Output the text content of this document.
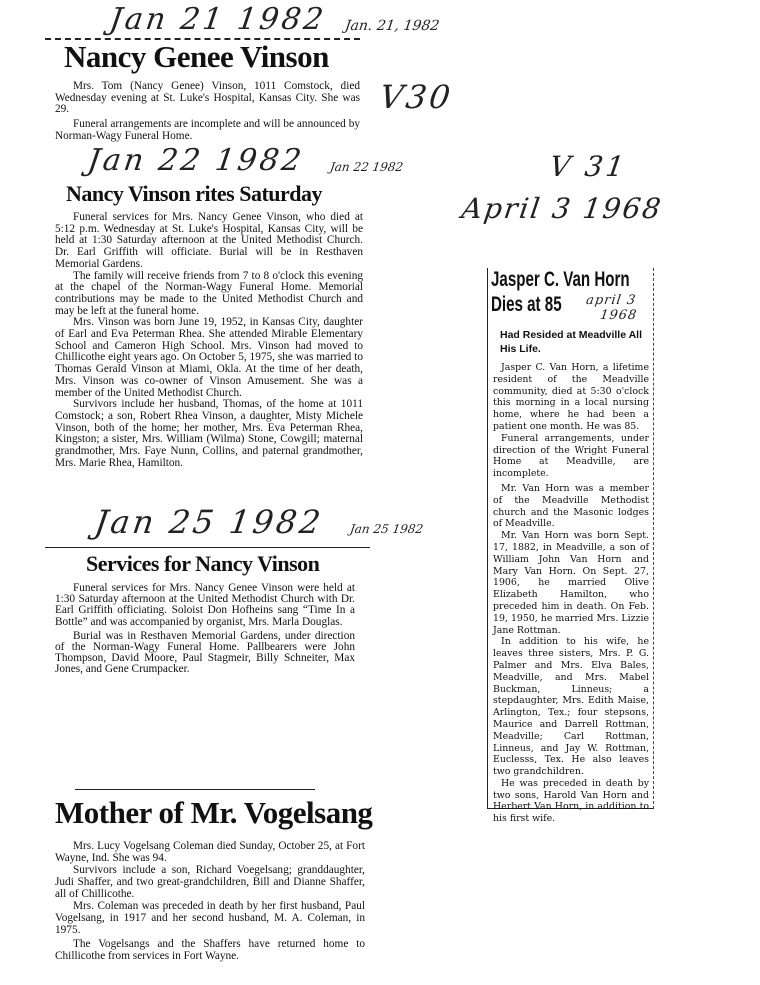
Jan 21 1982 Jan. 21, 1982
Nancy Genee Vinson

Mrs. Tom (Nancy Genee) Vinson, 1011 Comstock, died Wednesday evening at St. Luke's Hospital, Kansas City. She was 29.

Funeral arrangements are incomplete and will be announced by Norman-Wagy Funeral Home.

V30
Jan 22 1982 Jan 22 1982
Nancy Vinson rites Saturday

Funeral services for Mrs. Nancy Genee Vinson, who died at 5:12 p.m. Wednesday at St. Luke's Hospital, Kansas City, will be held at 1:30 Saturday afternoon at the United Methodist Church. Dr. Earl Griffith will officiate. Burial will be in Resthaven Memorial Gardens.

The family will receive friends from 7 to 8 o'clock this evening at the chapel of the Norman-Wagy Funeral Home. Memorial contributions may be made to the United Methodist Church and may be left at the funeral home.

Mrs. Vinson was born June 19, 1952, in Kansas City, daughter of Earl and Eva Peterman Rhea. She attended Mirable Elementary School and Cameron High School. Mrs. Vinson had moved to Chillicothe eight years ago. On October 5, 1975, she was married to Thomas Gerald Vinson at Miami, Okla. At the time of her death, Mrs. Vinson was co-owner of Vinson Amusement. She was a member of the United Methodist Church.

Survivors include her husband, Thomas, of the home at 1011 Comstock; a son, Robert Rhea Vinson, a daughter, Misty Michele Vinson, both of the home; her mother, Mrs. Eva Peterman Rhea, Kingston; a sister, Mrs. William (Wilma) Stone, Cowgill; maternal grandmother, Mrs. Faye Nunn, Collins, and paternal grandmother, Mrs. Marie Rhea, Hamilton.

Jan 25 1982 Jan 25 1982
Services for Nancy Vinson

Funeral services for Mrs. Nancy Genee Vinson were held at 1:30 Saturday afternoon at the United Methodist Church with Dr. Earl Griffith officiating. Soloist Don Hofheins sang “Time In a Bottle” and was accompanied by organist, Mrs. Marla Douglas.

Burial was in Resthaven Memorial Gardens, under direction of the Norman-Wagy Funeral Home. Pallbearers were John Thompson, David Moore, Paul Stagmeir, Billy Schneiter, Max Jones, and Gene Crumpacker.

Mother of Mr. Vogelsang

Mrs. Lucy Vogelsang Coleman died Sunday, October 25, at Fort Wayne, Ind. She was 94.

Survivors include a son, Richard Voegelsang; granddaughter, Judi Shaffer, and two great-grandchildren, Bill and Dianne Shaffer, all of Chillicothe.

Mrs. Coleman was preceded in death by her first husband, Paul Vogelsang, in 1917 and her second husband, M. A. Coleman, in 1975.

The Vogelsangs and the Shaffers have returned home to Chillicothe from services in Fort Wayne.

V 31
April 3 1968
Jasper C. Van Horn
Dies at 85 april 3
1968
Had Resided at Meadville All His Life.

Jasper C. Van Horn, a lifetime resident of the Meadville community, died at 5:30 o'clock this morning in a local nursing home, where he had been a patient one month. He was 85.

Funeral arrangements, under direction of the Wright Funeral Home at Meadville, are incomplete.

Mr. Van Horn was a member of the Meadville Methodist church and the Masonic lodges of Meadville.

Mr. Van Horn was born Sept. 17, 1882, in Meadville, a son of William John Van Horn and Mary Van Horn. On Sept. 27, 1906, he married Olive Elizabeth Hamilton, who preceded him in death. On Feb. 19, 1950, he married Mrs. Lizzie Jane Rottman.

In addition to his wife, he leaves three sisters, Mrs. P. G. Palmer and Mrs. Elva Bales, Meadville, and Mrs. Mabel Buckman, Linneus; a stepdaughter, Mrs. Edith Maise, Arlington, Tex.; four stepsons, Maurice and Darrell Rottman, Meadville; Carl Rottman, Linneus, and Jay W. Rottman, Euclesss, Tex. He also leaves two grandchildren.

He was preceded in death by two sons, Harold Van Horn and Herbert Van Horn, in addition to his first wife.
